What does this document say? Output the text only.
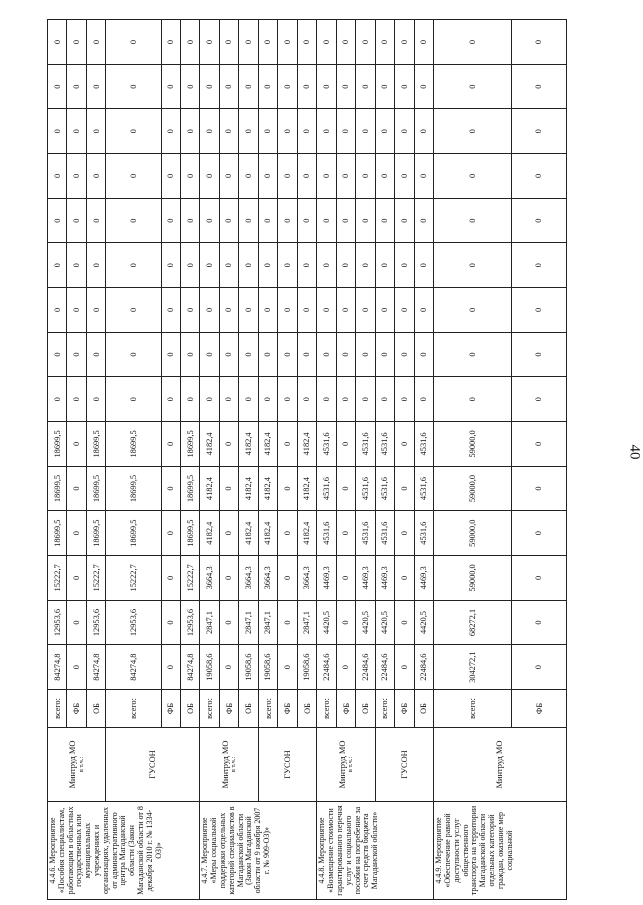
40
4.4.6. Мероприятие «Пособия специалистам, работающим в областных государственных или муниципальных учреждениях и организациях, удаленных от административного центра Магаданской области (Закон Магаданской области от 8 декабря 2010 г. № 1334-ОЗ)»	Минтруд МО в т.ч.:	всего:	84274,8	12953,6	15222,7	18699,5	18699,5	18699,5	0	0	0	0	0	0	0	0	0
		ФБ	0	0	0	0	0	0	0	0	0	0	0	0	0	0	0
		ОБ	84274,8	12953,6	15222,7	18699,5	18699,5	18699,5	0	0	0	0	0	0	0	0	0
	ГУСОН	всего:	84274,8	12953,6	15222,7	18699,5	18699,5	18699,5	0	0	0	0	0	0	0	0	0
		ФБ	0	0	0	0	0	0	0	0	0	0	0	0	0	0	0
		ОБ	84274,8	12953,6	15222,7	18699,5	18699,5	18699,5	0	0	0	0	0	0	0	0	0
4.4.7. Мероприятие «Меры социальной поддержки отдельных категорий специалистов в Магаданской области (Закон Магаданской области от 9 ноября 2007 г. № 909-ОЗ)»	Минтруд МО в т.ч.:	всего:	19058,6	2847,1	3664,3	4182,4	4182,4	4182,4	0	0	0	0	0	0	0	0	0
		ФБ	0	0	0	0	0	0	0	0	0	0	0	0	0	0	0
		ОБ	19058,6	2847,1	3664,3	4182,4	4182,4	4182,4	0	0	0	0	0	0	0	0	0
	ГУСОН	всего:	19058,6	2847,1	3664,3	4182,4	4182,4	4182,4	0	0	0	0	0	0	0	0	0
		ФБ	0	0	0	0	0	0	0	0	0	0	0	0	0	0	0
		ОБ	19058,6	2847,1	3664,3	4182,4	4182,4	4182,4	0	0	0	0	0	0	0	0	0
4.4.8. Мероприятие «Возмещение стоимости гарантированного перечня услуг и социального пособия на погребение за счет средств бюджета Магаданской области»	Минтруд МО в т.ч.:	всего:	22484,6	4420,5	4469,3	4531,6	4531,6	4531,6	0	0	0	0	0	0	0	0	0
		ФБ	0	0	0	0	0	0	0	0	0	0	0	0	0	0	0
		ОБ	22484,6	4420,5	4469,3	4531,6	4531,6	4531,6	0	0	0	0	0	0	0	0	0
	ГУСОН	всего:	22484,6	4420,5	4469,3	4531,6	4531,6	4531,6	0	0	0	0	0	0	0	0	0
		ФБ	0	0	0	0	0	0	0	0	0	0	0	0	0	0	0
		ОБ	22484,6	4420,5	4469,3	4531,6	4531,6	4531,6	0	0	0	0	0	0	0	0	0
4.4.9. Мероприятие «Обеспечение равной доступности услуг общественного транспорта на территории Магаданской области отдельных категорий граждан, оказание мер социальной	Минтруд МО	всего:	304272,1	68272,1	59000,0	59000,0	59000,0	59000,0	0	0	0	0	0	0	0	0	0
		ФБ	0	0	0	0	0	0	0	0	0	0	0	0	0	0	0
